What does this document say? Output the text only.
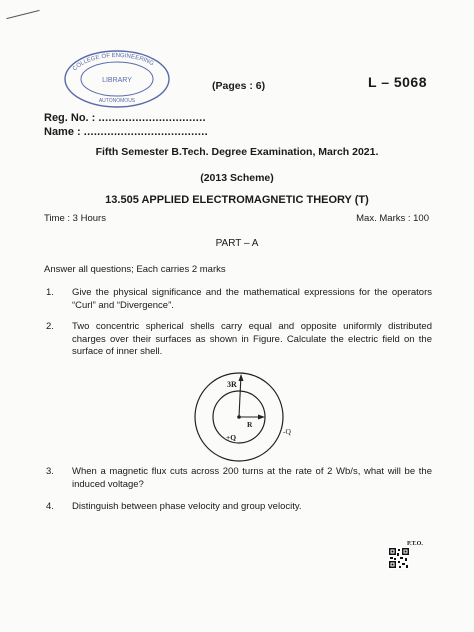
COLLEGE OF ENGINEERING
LIBRARY
AUTONOMOUS
(Pages : 6)	L – 5068
Reg. No. : ................................
Name : .....................................
Fifth Semester B.Tech. Degree Examination, March 2021.
(2013 Scheme)
13.505 APPLIED ELECTROMAGNETIC THEORY (T)
Time : 3 Hours	Max. Marks : 100
PART – A
Answer all questions; Each carries 2 marks
1. Give the physical significance and the mathematical expressions for the operators “Curl” and “Divergence”.
2. Two concentric spherical shells carry equal and opposite uniformly distributed charges over their surfaces as shown in Figure. Calculate the electric field on the surface of inner shell.
3R
R
+Q
-Q
3. When a magnetic flux cuts across 200 turns at the rate of 2 Wb/s, what will be the induced voltage?
4. Distinguish between phase velocity and group velocity.
P.T.O.
